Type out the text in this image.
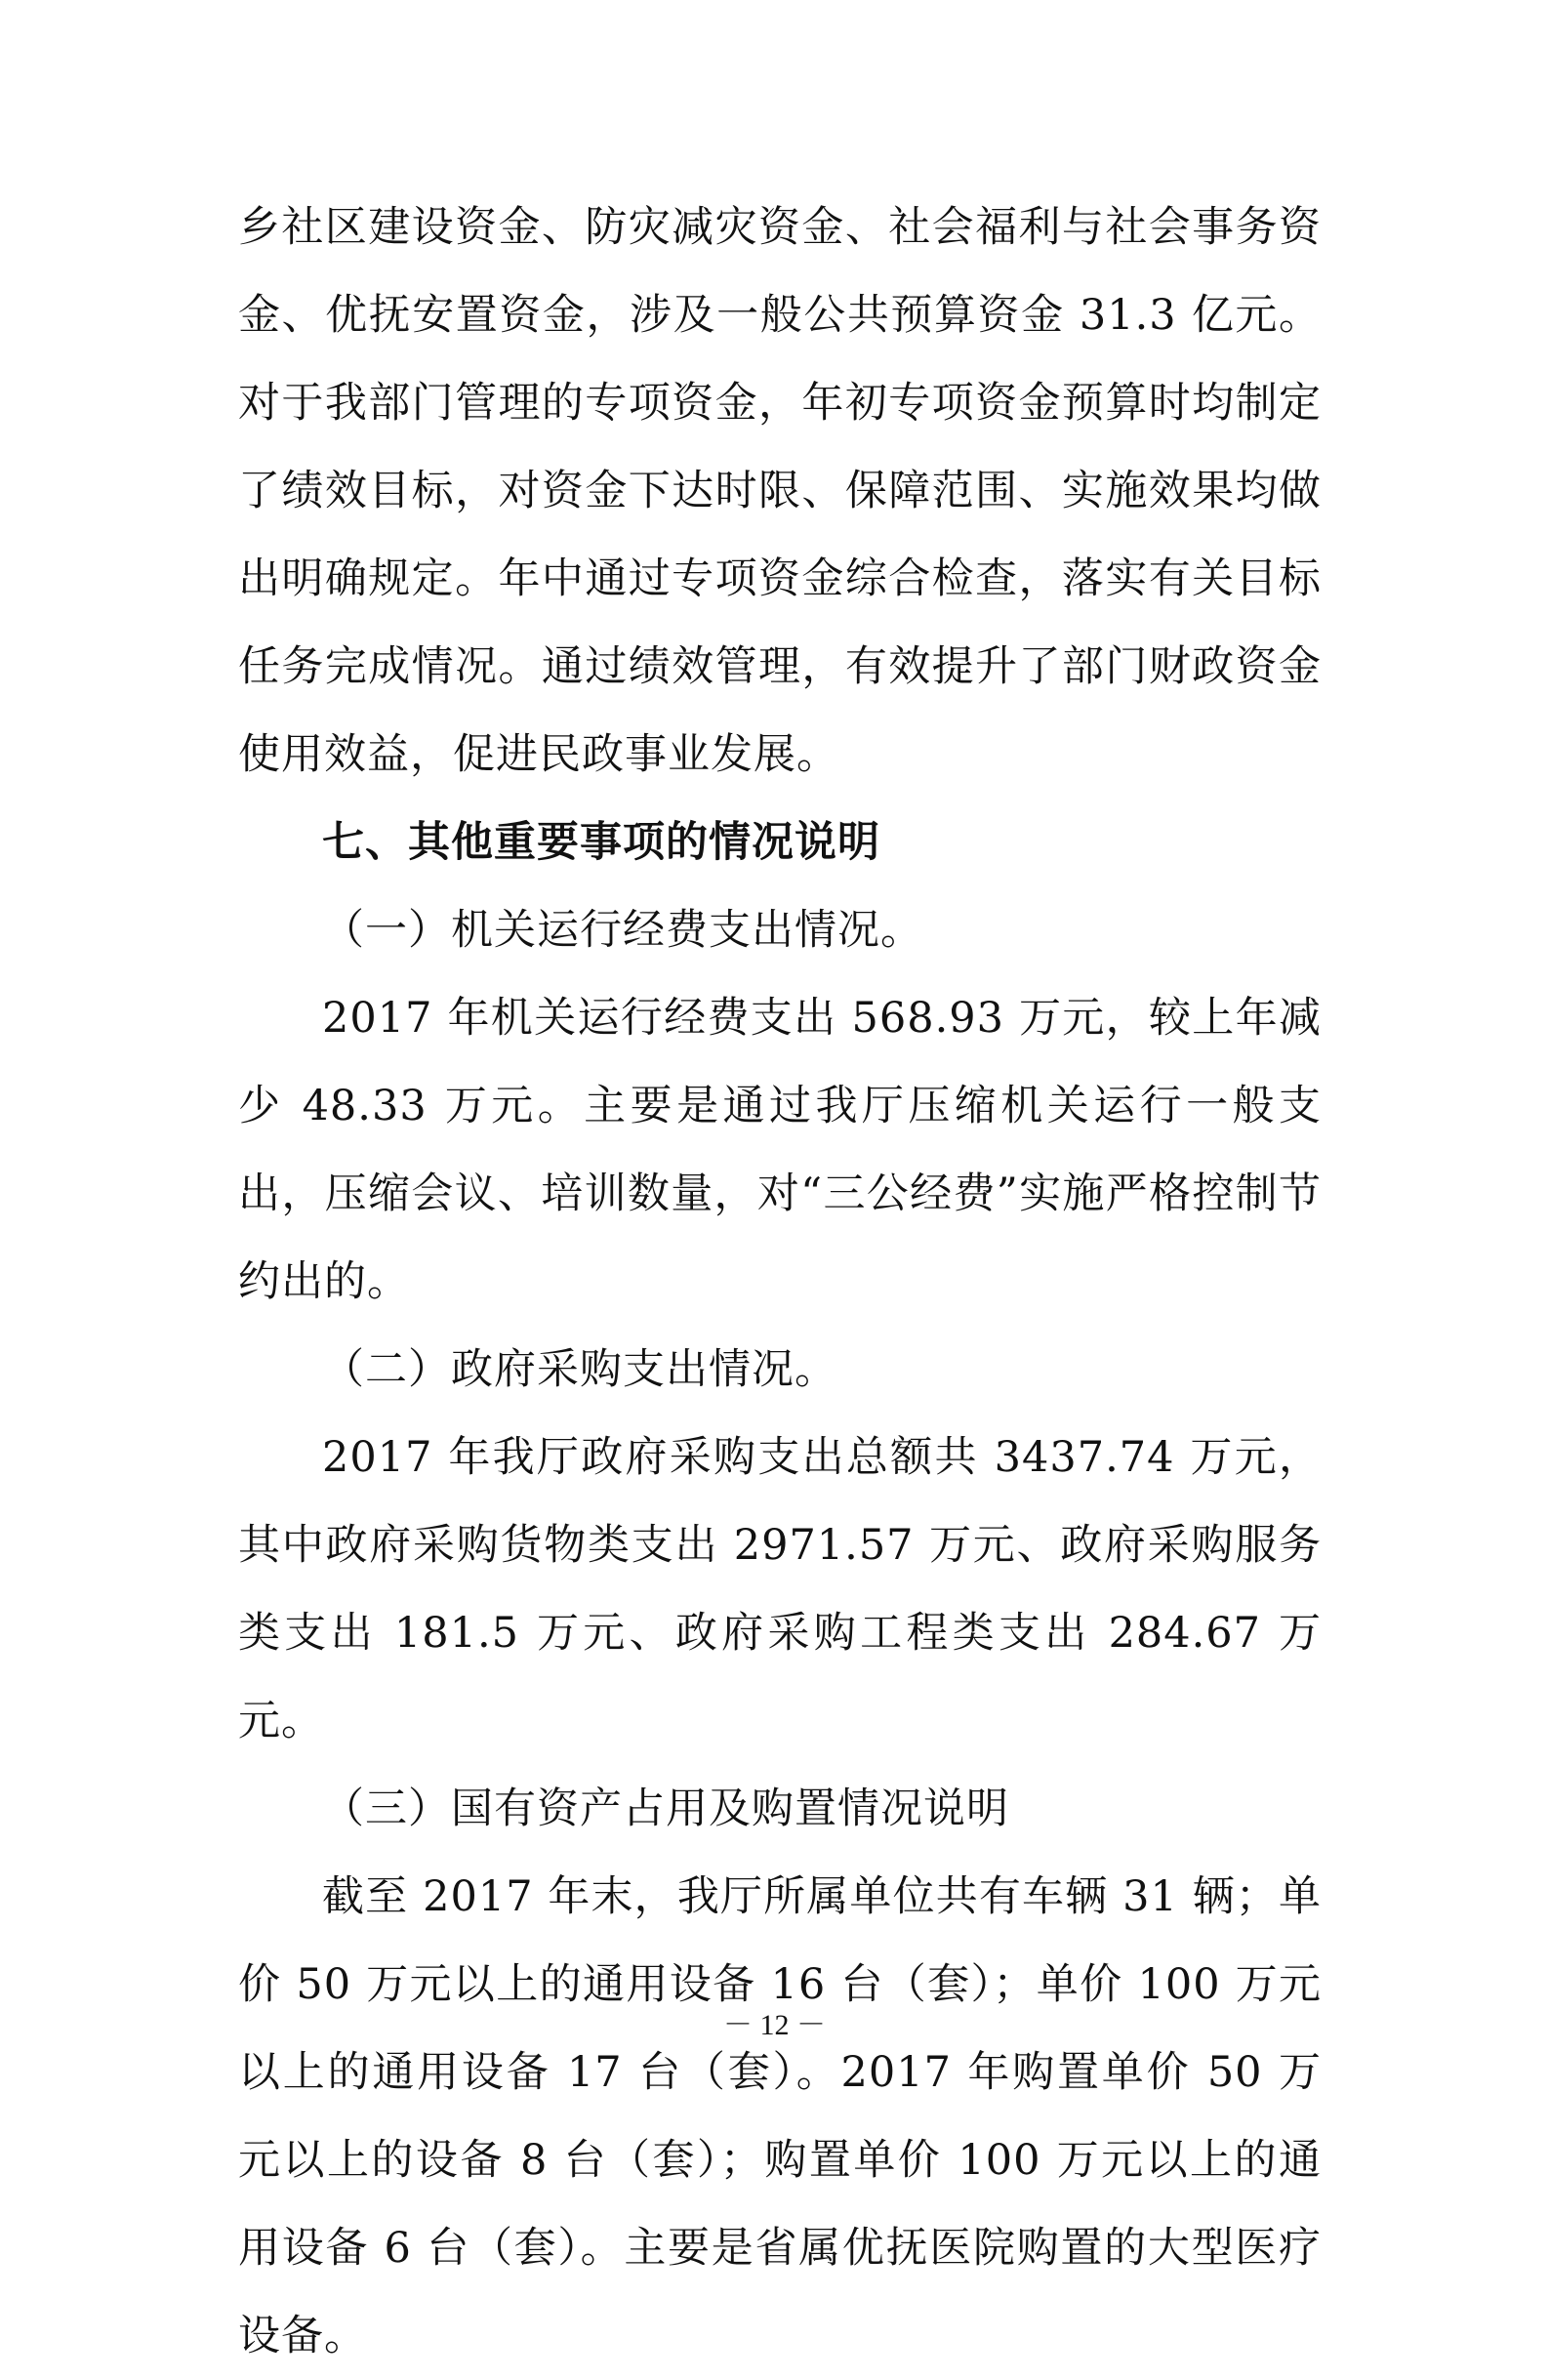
乡社区建设资金、防灾减灾资金、社会福利与社会事务资金、优抚安置资金，涉及一般公共预算资金 31.3 亿元。对于我部门管理的专项资金，年初专项资金预算时均制定了绩效目标，对资金下达时限、保障范围、实施效果均做出明确规定。年中通过专项资金综合检查，落实有关目标任务完成情况。通过绩效管理，有效提升了部门财政资金使用效益，促进民政事业发展。

七、其他重要事项的情况说明

（一）机关运行经费支出情况。

2017 年机关运行经费支出 568.93 万元，较上年减少 48.33 万元。主要是通过我厅压缩机关运行一般支出，压缩会议、培训数量，对“三公经费”实施严格控制节约出的。

（二）政府采购支出情况。

2017 年我厅政府采购支出总额共 3437.74 万元，其中政府采购货物类支出 2971.57 万元、政府采购服务类支出 181.5 万元、政府采购工程类支出 284.67 万元。

（三）国有资产占用及购置情况说明

截至 2017 年末，我厅所属单位共有车辆 31 辆；单价 50 万元以上的通用设备 16 台（套）；单价 100 万元以上的通用设备 17 台（套）。2017 年购置单价 50 万元以上的设备 8 台（套）；购置单价 100 万元以上的通用设备 6 台（套）。主要是省属优抚医院购置的大型医疗设备。

－ 12 －
